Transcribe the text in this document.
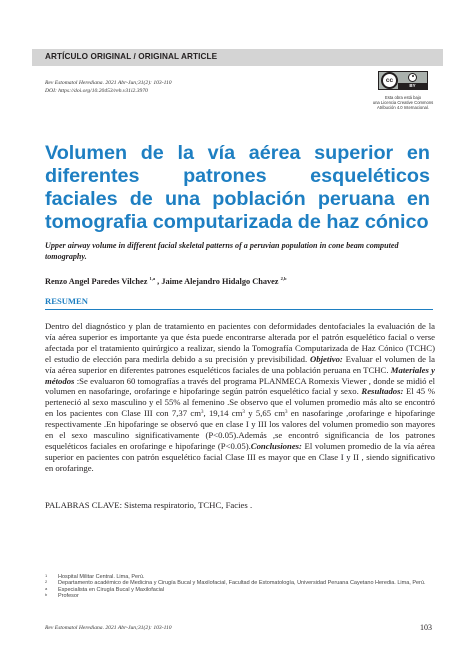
ARTÍCULO ORIGINAL / ORIGINAL ARTICLE
Rev Estomatol Herediana. 2021 Abr-Jun;31(2): 103-110
DOI: https://doi.org/10.20453/reh.v31i2.3970
cc
BY
Esta obra está bajo
una Licencia Creative Commons
Atribución 4.0 Internacional.
Volumen de la vía aérea superior en diferentes patrones esqueléticos faciales de una población peruana en tomografia computarizada de haz cónico
Upper airway volume in different facial skeletal patterns of a peruvian population in cone beam computed tomography.
Renzo Angel Paredes Vilchez $^{1,a}$ , Jaime Alejandro Hidalgo Chavez $^{2,b}$
RESUMEN

Dentro del diagnóstico y plan de tratamiento en pacientes con deformidades dentofaciales la evaluación de la vía aérea superior es importante ya que ésta puede encontrarse alterada por el patrón esquelético facial o verse afectada por el tratamiento quirúrgico a realizar, siendo la Tomografía Computarizada de Haz Cónico (TCHC) el estudio de elección para medirla debido a su precisión y previsibilidad. Objetivo: Evaluar el volumen de la vía aérea superior en diferentes patrones esqueléticos faciales de una población peruana en TCHC. Materiales y métodos :Se evaluaron 60 tomografías a través del programa PLANMECA Romexis Viewer , donde se midió el volumen en nasofaringe, orofaringe e hipofaringe según patrón esquelético facial y sexo. Resultados: El 45 % perteneció al sexo masculino y el 55% al femenino .Se observo que el volumen promedio más alto se encontró en los pacientes con Clase III con 7,37 $cm^3$, 19,14 $cm^3$ y 5,65 $cm^3$ en nasofaringe ,orofaringe e hipofaringe respectivamente .En hipofaringe se observó que en clase I y III los valores del volumen promedio son mayores en el sexo masculino significativamente (P<0.05).Además ,se encontró significancia de los patrones esqueléticos faciales en orofaringe e hipofaringe (P<0.05).Conclusiones: El volumen promedio de la vía aérea superior en pacientes con patrón esquelético facial Clase III es mayor que en Clase I y II , siendo significativo en orofaringe.

PALABRAS CLAVE: Sistema respiratorio, TCHC, Facies .
1 Hospital Militar Central. Lima, Perú.
2 Departamento académico de Medicina y Cirugía Bucal y Maxilofacial, Facultad de Estomatología, Universidad Peruana Cayetano Heredia. Lima, Perú.
a Especialista en Cirugía Bucal y Maxilofacial
b Profesor
Rev Estomatol Herediana. 2021 Abr-Jun;31(2): 103-110	103
